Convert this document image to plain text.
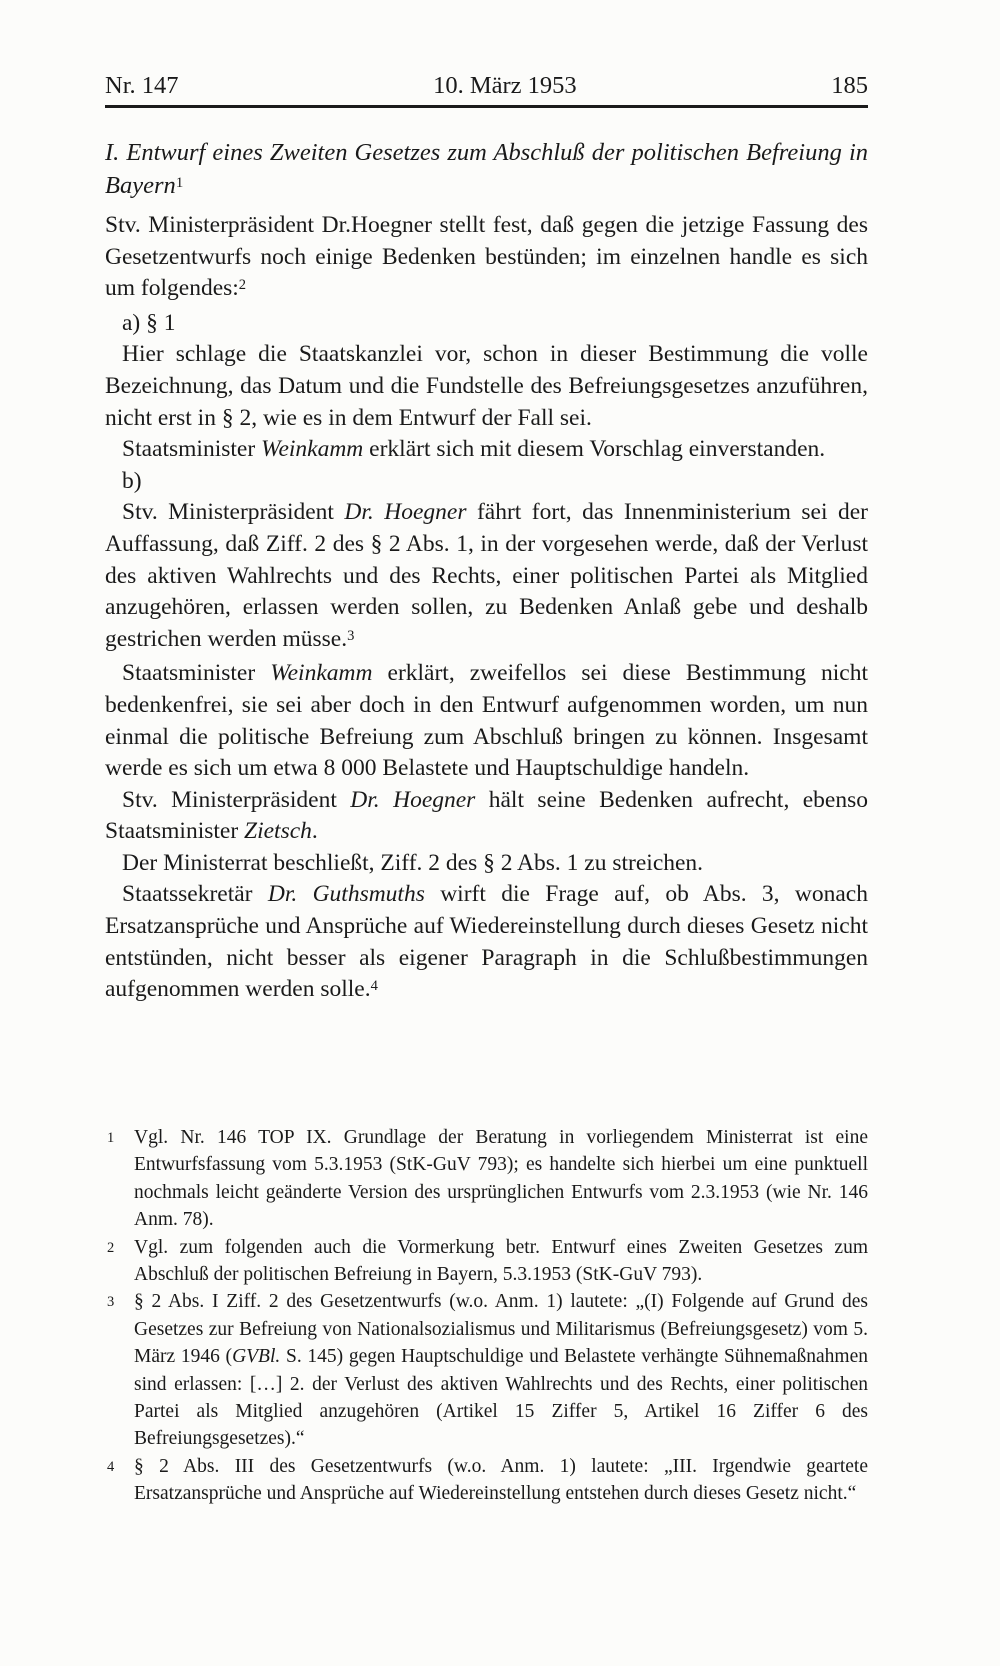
Nr. 147	10. März 1953	185
I. Entwurf eines Zweiten Gesetzes zum Abschluß der politischen Befreiung in Bayern$^1$

Stv. Ministerpräsident Dr.Hoegner stellt fest, daß gegen die jetzige Fassung des Gesetzentwurfs noch einige Bedenken bestünden; im einzelnen handle es sich um folgendes:$^2$

a) § 1

Hier schlage die Staatskanzlei vor, schon in dieser Bestimmung die volle Bezeichnung, das Datum und die Fundstelle des Befreiungsgesetzes anzuführen, nicht erst in § 2, wie es in dem Entwurf der Fall sei.

Staatsminister Weinkamm erklärt sich mit diesem Vorschlag einverstanden.

b)

Stv. Ministerpräsident Dr. Hoegner fährt fort, das Innenministerium sei der Auffassung, daß Ziff. 2 des § 2 Abs. 1, in der vorgesehen werde, daß der Verlust des aktiven Wahlrechts und des Rechts, einer politischen Partei als Mitglied anzugehören, erlassen werden sollen, zu Bedenken Anlaß gebe und deshalb gestrichen werden müsse.$^3$

Staatsminister Weinkamm erklärt, zweifellos sei diese Bestimmung nicht bedenkenfrei, sie sei aber doch in den Entwurf aufgenommen worden, um nun einmal die politische Befreiung zum Abschluß bringen zu können. Insgesamt werde es sich um etwa 8 000 Belastete und Hauptschuldige handeln.

Stv. Ministerpräsident Dr. Hoegner hält seine Bedenken aufrecht, ebenso Staatsminister Zietsch.

Der Ministerrat beschließt, Ziff. 2 des § 2 Abs. 1 zu streichen.

Staatssekretär Dr. Guthsmuths wirft die Frage auf, ob Abs. 3, wonach Ersatzansprüche und Ansprüche auf Wiedereinstellung durch dieses Gesetz nicht entstünden, nicht besser als eigener Paragraph in die Schlußbestimmungen aufgenommen werden solle.$^4$

1 Vgl. Nr. 146 TOP IX. Grundlage der Beratung in vorliegendem Ministerrat ist eine Entwurfsfassung vom 5.3.1953 (StK-GuV 793); es handelte sich hierbei um eine punktuell nochmals leicht geänderte Version des ursprünglichen Entwurfs vom 2.3.1953 (wie Nr. 146 Anm. 78).
2 Vgl. zum folgenden auch die Vormerkung betr. Entwurf eines Zweiten Gesetzes zum Abschluß der politischen Befreiung in Bayern, 5.3.1953 (StK-GuV 793).
3 § 2 Abs. I Ziff. 2 des Gesetzentwurfs (w.o. Anm. 1) lautete: „(I) Folgende auf Grund des Gesetzes zur Befreiung von Nationalsozialismus und Militarismus (Befreiungsgesetz) vom 5. März 1946 (GVBl. S. 145) gegen Hauptschuldige und Belastete verhängte Sühnemaßnahmen sind erlassen: […] 2. der Verlust des aktiven Wahlrechts und des Rechts, einer politischen Partei als Mitglied anzugehören (Artikel 15 Ziffer 5, Artikel 16 Ziffer 6 des Befreiungsgesetzes).“
4 § 2 Abs. III des Gesetzentwurfs (w.o. Anm. 1) lautete: „III. Irgendwie geartete Ersatzansprüche und Ansprüche auf Wiedereinstellung entstehen durch dieses Gesetz nicht.“
